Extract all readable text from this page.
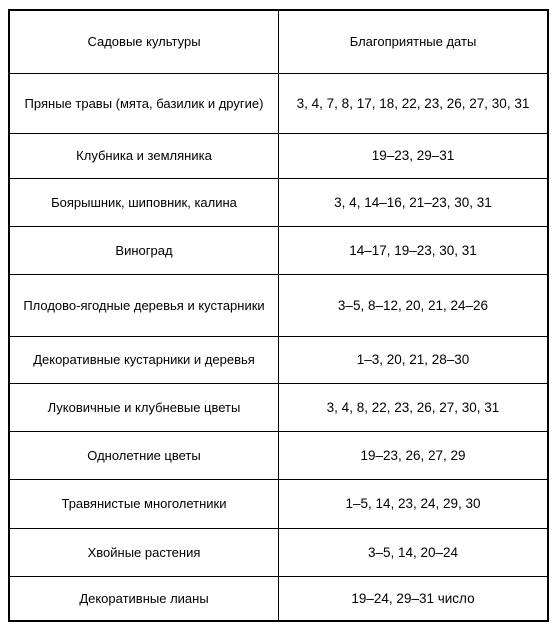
Садовые культуры	Благоприятные даты
Пряные травы (мята, базилик и другие)	3, 4, 7, 8, 17, 18, 22, 23, 26, 27, 30, 31
Клубника и земляника	19–23, 29–31
Боярышник, шиповник, калина	3, 4, 14–16, 21–23, 30, 31
Виноград	14–17, 19–23, 30, 31
Плодово-ягодные деревья и кустарники	3–5, 8–12, 20, 21, 24–26
Декоративные кустарники и деревья	1–3, 20, 21, 28–30
Луковичные и клубневые цветы	3, 4, 8, 22, 23, 26, 27, 30, 31
Однолетние цветы	19–23, 26, 27, 29
Травянистые многолетники	1–5, 14, 23, 24, 29, 30
Хвойные растения	3–5, 14, 20–24
Декоративные лианы	19–24, 29–31 число
